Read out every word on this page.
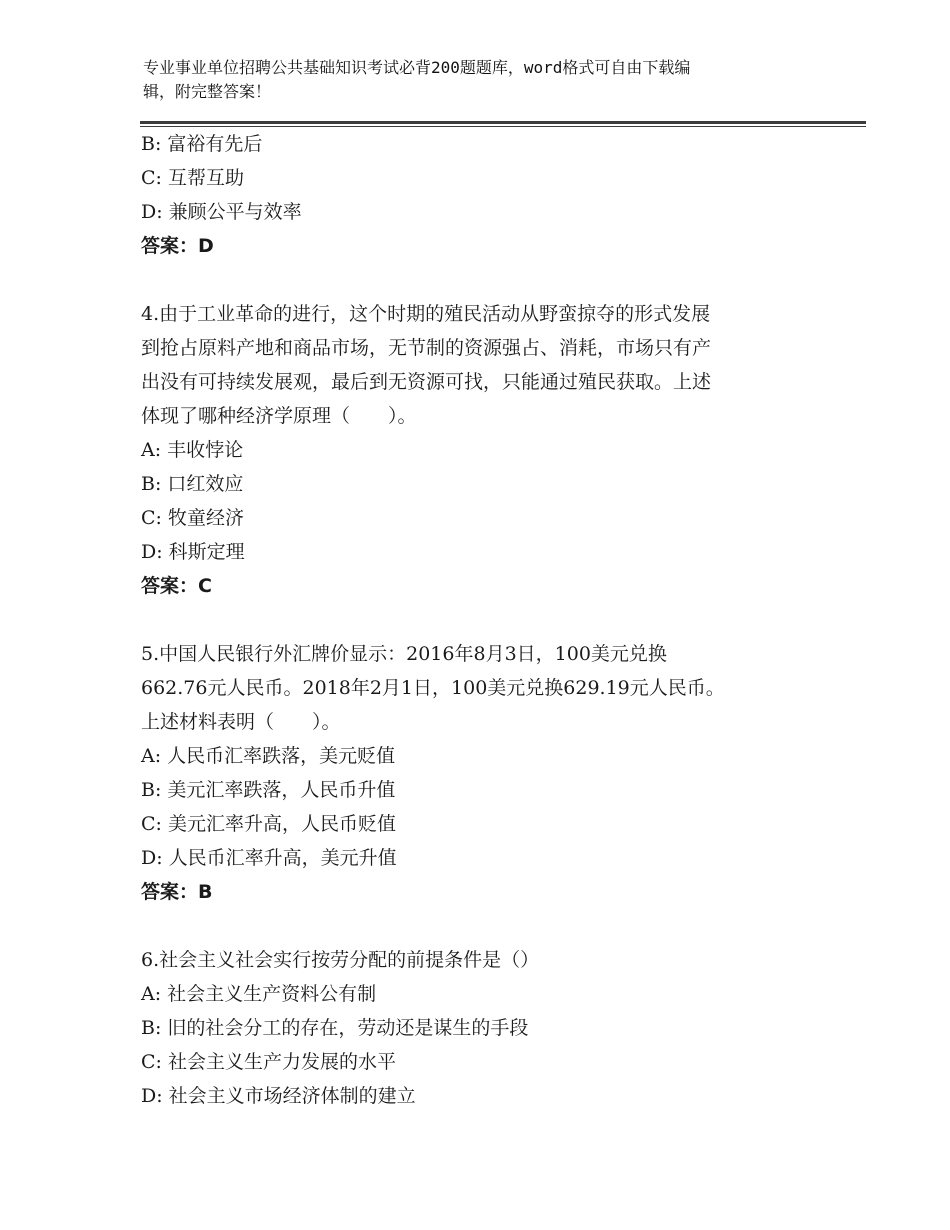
专业事业单位招聘公共基础知识考试必背200题题库，word格式可自由下载编
辑，附完整答案！
B: 富裕有先后
C: 互帮互助
D: 兼顾公平与效率
答案：D
4.由于工业革命的进行，这个时期的殖民活动从野蛮掠夺的形式发展
到抢占原料产地和商品市场，无节制的资源强占、消耗，市场只有产
出没有可持续发展观，最后到无资源可找，只能通过殖民获取。上述
体现了哪种经济学原理（　　）。
A: 丰收悖论
B: 口红效应
C: 牧童经济
D: 科斯定理
答案：C
5.中国人民银行外汇牌价显示：2016年8月3日，100美元兑换
662.76元人民币。2018年2月1日，100美元兑换629.19元人民币。
上述材料表明（　　）。
A: 人民币汇率跌落，美元贬值
B: 美元汇率跌落，人民币升值
C: 美元汇率升高，人民币贬值
D: 人民币汇率升高，美元升值
答案：B
6.社会主义社会实行按劳分配的前提条件是（）
A: 社会主义生产资料公有制
B: 旧的社会分工的存在，劳动还是谋生的手段
C: 社会主义生产力发展的水平
D: 社会主义市场经济体制的建立
